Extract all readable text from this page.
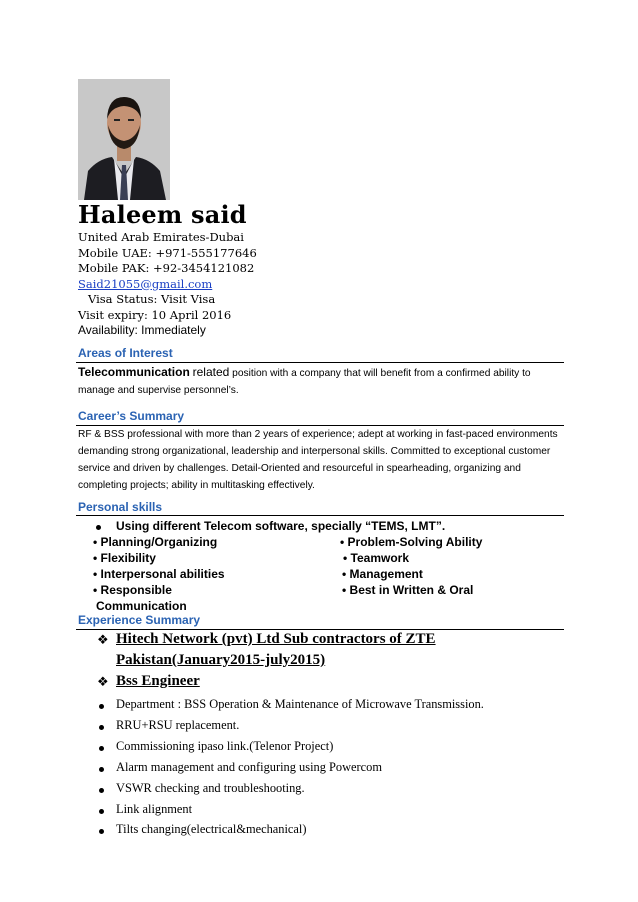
Haleem said
United Arab Emirates-Dubai
Mobile UAE: +971-555177646
Mobile PAK: +92-3454121082
Said21055@gmail.com
Visa Status: Visit Visa
Visit expiry: 10 April 2016
Availability: Immediately
Areas of Interest
Telecommunication related position with a company that will benefit from a confirmed ability to manage and supervise personnel’s.
Career’s Summary
RF & BSS professional with more than 2 years of experience; adept at working in fast-paced environments demanding strong organizational, leadership and interpersonal skills. Committed to exceptional customer service and driven by challenges. Detail-Oriented and resourceful in spearheading, organizing and completing projects; ability in multitasking effectively.
Personal skills
Using different Telecom software, specially “TEMS, LMT”.
• Planning/Organizing
• Flexibility
• Interpersonal abilities
• Responsible
Communication
• Problem-Solving Ability
• Teamwork
• Management
• Best in Written & Oral
Experience Summary
❖ Hitech Network (pvt) Ltd Sub contractors of ZTE
Pakistan(January2015-july2015)
❖ Bss Engineer
Department : BSS Operation & Maintenance of Microwave Transmission.
RRU+RSU replacement.
Commissioning ipaso link.(Telenor Project)
Alarm management and configuring using Powercom
VSWR checking and troubleshooting.
Link alignment
Tilts changing(electrical&mechanical)
